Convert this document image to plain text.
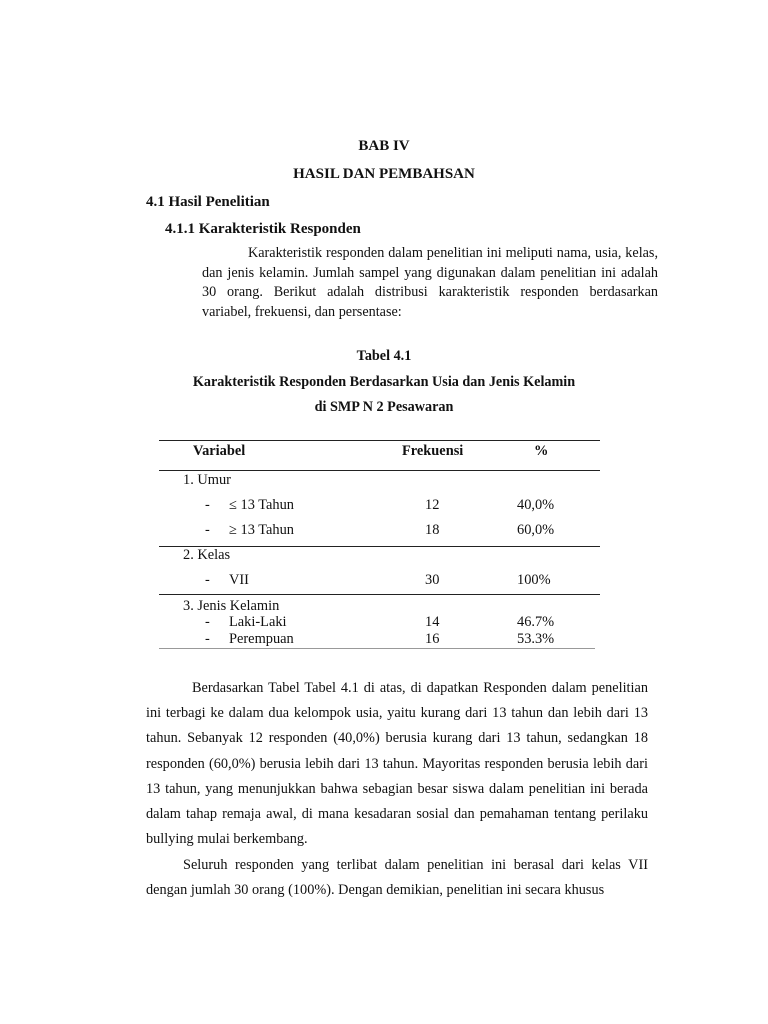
BAB IV
HASIL DAN PEMBAHSAN
4.1 Hasil Penelitian
4.1.1 Karakteristik Responden
Karakteristik responden dalam penelitian ini meliputi nama, usia, kelas, dan jenis kelamin. Jumlah sampel yang digunakan dalam penelitian ini adalah 30 orang. Berikut adalah distribusi karakteristik responden berdasarkan variabel, frekuensi, dan persentase:
Tabel 4.1
Karakteristik Responden Berdasarkan Usia dan Jenis Kelamin
di SMP N 2 Pesawaran
Variabel	Frekuensi	%
1. Umur
- ≤ 13 Tahun	12	40,0%
- ≥ 13 Tahun	18	60,0%
2. Kelas
- VII	30	100%
3. Jenis Kelamin
- Laki-Laki	14	46.7%
- Perempuan	16	53.3%
Berdasarkan Tabel Tabel 4.1 di atas, di dapatkan Responden dalam penelitian ini terbagi ke dalam dua kelompok usia, yaitu kurang dari 13 tahun dan lebih dari 13 tahun. Sebanyak 12 responden (40,0%) berusia kurang dari 13 tahun, sedangkan 18 responden (60,0%) berusia lebih dari 13 tahun. Mayoritas responden berusia lebih dari 13 tahun, yang menunjukkan bahwa sebagian besar siswa dalam penelitian ini berada dalam tahap remaja awal, di mana kesadaran sosial dan pemahaman tentang perilaku bullying mulai berkembang.
Seluruh responden yang terlibat dalam penelitian ini berasal dari kelas VII dengan jumlah 30 orang (100%). Dengan demikian, penelitian ini secara khusus
